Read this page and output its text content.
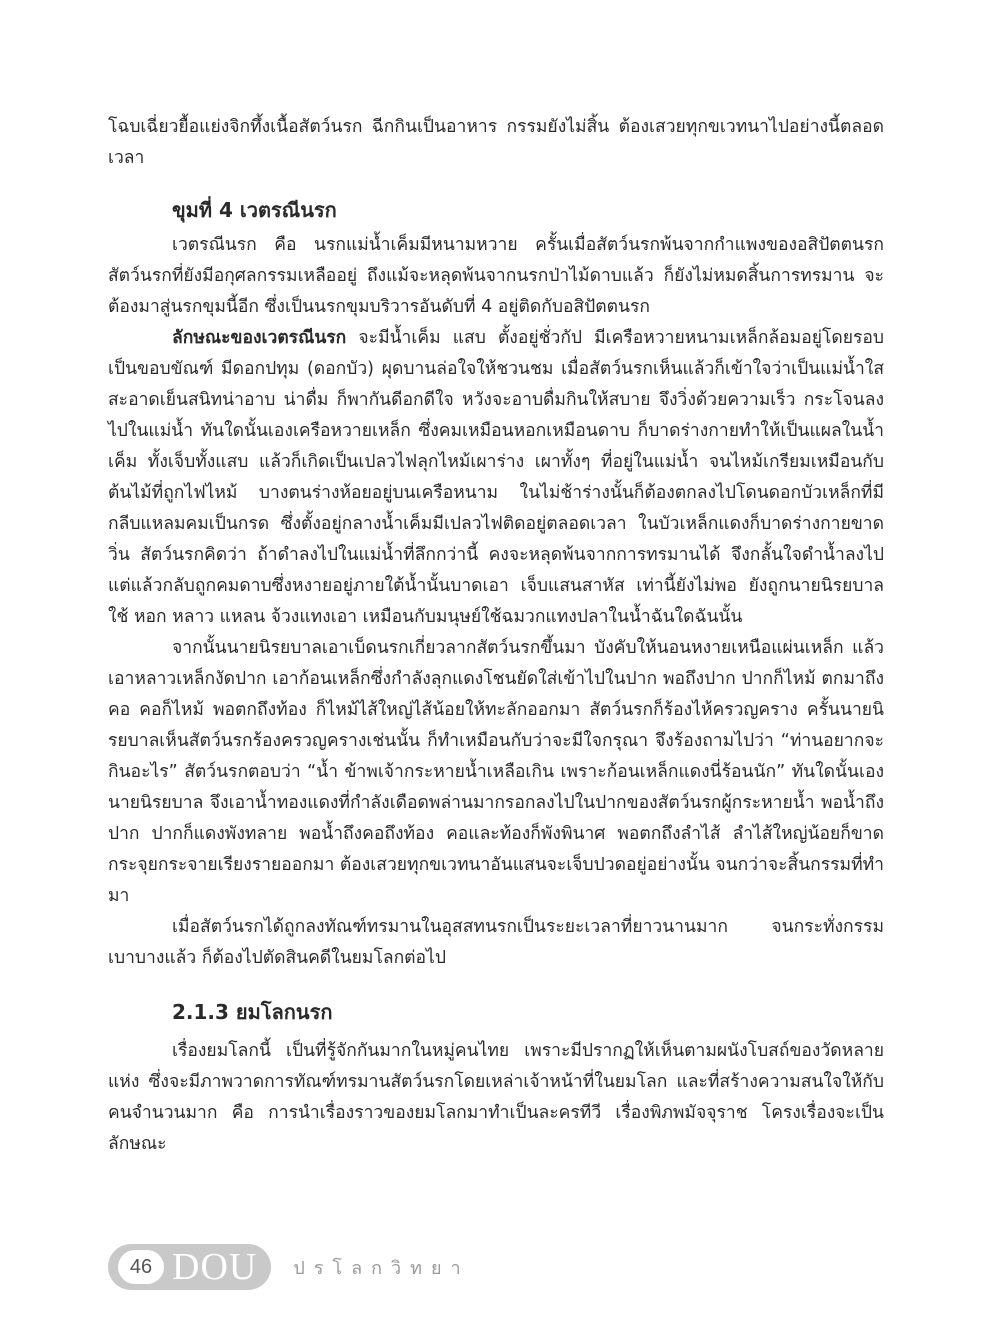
โฉบเฉี่ยวยื้อแย่งจิกทึ้งเนื้อสัตว์นรก ฉีกกินเป็นอาหาร กรรมยังไม่สิ้น ต้องเสวยทุกขเวทนาไปอย่างนี้ตลอดเวลา

ขุมที่ 4 เวตรณีนรก

เวตรณีนรก คือ นรกแม่น้ำเค็มมีหนามหวาย ครั้นเมื่อสัตว์นรกพ้นจากกำแพงของอสิปัตตนรก สัตว์นรกที่ยังมีอกุศลกรรมเหลืออยู่ ถึงแม้จะหลุดพ้นจากนรกป่าไม้ดาบแล้ว ก็ยังไม่หมดสิ้นการทรมาน จะต้องมาสู่นรกขุมนี้อีก ซึ่งเป็นนรกขุมบริวารอันดับที่ 4 อยู่ติดกับอสิปัตตนรก

ลักษณะของเวตรณีนรก จะมีน้ำเค็ม แสบ ตั้งอยู่ชั่วกัป มีเครือหวายหนามเหล็กล้อมอยู่โดยรอบเป็นขอบขัณฑ์ มีดอกปทุม (ดอกบัว) ผุดบานล่อใจให้ชวนชม เมื่อสัตว์นรกเห็นแล้วก็เข้าใจว่าเป็นแม่น้ำใสสะอาดเย็นสนิทน่าอาบ น่าดื่ม ก็พากันดีอกดีใจ หวังจะอาบดื่มกินให้สบาย จึงวิ่งด้วยความเร็ว กระโจนลงไปในแม่น้ำ ทันใดนั้นเองเครือหวายเหล็ก ซึ่งคมเหมือนหอกเหมือนดาบ ก็บาดร่างกายทำให้เป็นแผลในน้ำเค็ม ทั้งเจ็บทั้งแสบ แล้วก็เกิดเป็นเปลวไฟลุกไหม้เผาร่าง เผาทั้งๆ ที่อยู่ในแม่น้ำ จนไหม้เกรียมเหมือนกับต้นไม้ที่ถูกไฟไหม้ บางตนร่างห้อยอยู่บนเครือหนาม ในไม่ช้าร่างนั้นก็ต้องตกลงไปโดนดอกบัวเหล็กที่มีกลีบแหลมคมเป็นกรด ซึ่งตั้งอยู่กลางน้ำเค็มมีเปลวไฟติดอยู่ตลอดเวลา ในบัวเหล็กแดงก็บาดร่างกายขาดวิ่น สัตว์นรกคิดว่า ถ้าดำลงไปในแม่น้ำที่ลึกกว่านี้ คงจะหลุดพ้นจากการทรมานได้ จึงกลั้นใจดำน้ำลงไป แต่แล้วกลับถูกคมดาบซึ่งหงายอยู่ภายใต้น้ำนั้นบาดเอา เจ็บแสนสาหัส เท่านี้ยังไม่พอ ยังถูกนายนิรยบาลใช้ หอก หลาว แหลน จ้วงแทงเอา เหมือนกับมนุษย์ใช้ฉมวกแทงปลาในน้ำฉันใดฉันนั้น

จากนั้นนายนิรยบาลเอาเบ็ดนรกเกี่ยวลากสัตว์นรกขึ้นมา บังคับให้นอนหงายเหนือแผ่นเหล็ก แล้วเอาหลาวเหล็กงัดปาก เอาก้อนเหล็กซึ่งกำลังลุกแดงโชนยัดใส่เข้าไปในปาก พอถึงปาก ปากก็ไหม้ ตกมาถึงคอ คอก็ไหม้ พอตกถึงท้อง ก็ไหม้ไส้ใหญ่ไส้น้อยให้ทะลักออกมา สัตว์นรกก็ร้องไห้ครวญคราง ครั้นนายนิรยบาลเห็นสัตว์นรกร้องครวญครางเช่นนั้น ก็ทำเหมือนกับว่าจะมีใจกรุณา จึงร้องถามไปว่า “ท่านอยากจะกินอะไร” สัตว์นรกตอบว่า “น้ำ ข้าพเจ้ากระหายน้ำเหลือเกิน เพราะก้อนเหล็กแดงนี่ร้อนนัก” ทันใดนั้นเอง นายนิรยบาล จึงเอาน้ำทองแดงที่กำลังเดือดพล่านมากรอกลงไปในปากของสัตว์นรกผู้กระหายน้ำ พอน้ำถึงปาก ปากก็แดงพังทลาย พอน้ำถึงคอถึงท้อง คอและท้องก็พังพินาศ พอตกถึงลำไส้ ลำไส้ใหญ่น้อยก็ขาดกระจุยกระจายเรียงรายออกมา ต้องเสวยทุกขเวทนาอันแสนจะเจ็บปวดอยู่อย่างนั้น จนกว่าจะสิ้นกรรมที่ทำมา

เมื่อสัตว์นรกได้ถูกลงทัณฑ์ทรมานในอุสสทนรกเป็นระยะเวลาที่ยาวนานมาก จนกระทั่งกรรมเบาบางแล้ว ก็ต้องไปตัดสินคดีในยมโลกต่อไป

2.1.3 ยมโลกนรก

เรื่องยมโลกนี้ เป็นที่รู้จักกันมากในหมู่คนไทย เพราะมีปรากฏให้เห็นตามผนังโบสถ์ของวัดหลายแห่ง ซึ่งจะมีภาพวาดการทัณฑ์ทรมานสัตว์นรกโดยเหล่าเจ้าหน้าที่ในยมโลก และที่สร้างความสนใจให้กับคนจำนวนมาก คือ การนำเรื่องราวของยมโลกมาทำเป็นละครทีวี เรื่องพิภพมัจจุราช โครงเรื่องจะเป็นลักษณะ

46 DOU ปรโลกวิทยา
